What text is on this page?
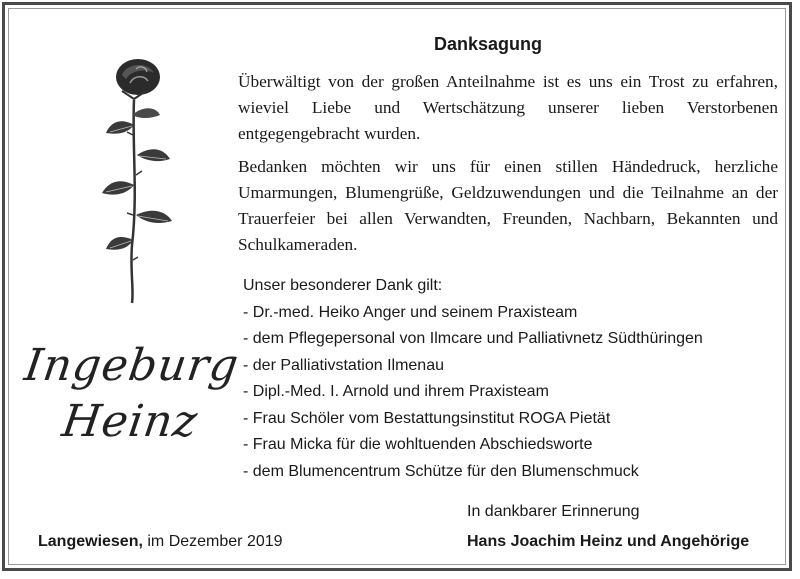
Ingeburg
Heinz
Danksagung

Überwältigt von der großen Anteilnahme ist es uns ein Trost zu erfahren, wieviel Liebe und Wertschätzung unserer lieben Verstorbenen entgegengebracht wurden.

Bedanken möchten wir uns für einen stillen Händedruck, herzliche Umarmungen, Blumengrüße, Geldzuwendungen und die Teilnahme an der Trauerfeier bei allen Verwandten, Freunden, Nachbarn, Bekannten und Schulkameraden.

Unser besonderer Dank gilt:
- Dr.-med. Heiko Anger und seinem Praxisteam
- dem Pflegepersonal von Ilmcare und Palliativnetz Südthüringen
- der Palliativstation Ilmenau
- Dipl.-Med. I. Arnold und ihrem Praxisteam
- Frau Schöler vom Bestattungsinstitut ROGA Pietät
- Frau Micka für die wohltuenden Abschiedsworte
- dem Blumencentrum Schütze für den Blumenschmuck
In dankbarer Erinnerung
Hans Joachim Heinz und Angehörige
Langewiesen, im Dezember 2019
